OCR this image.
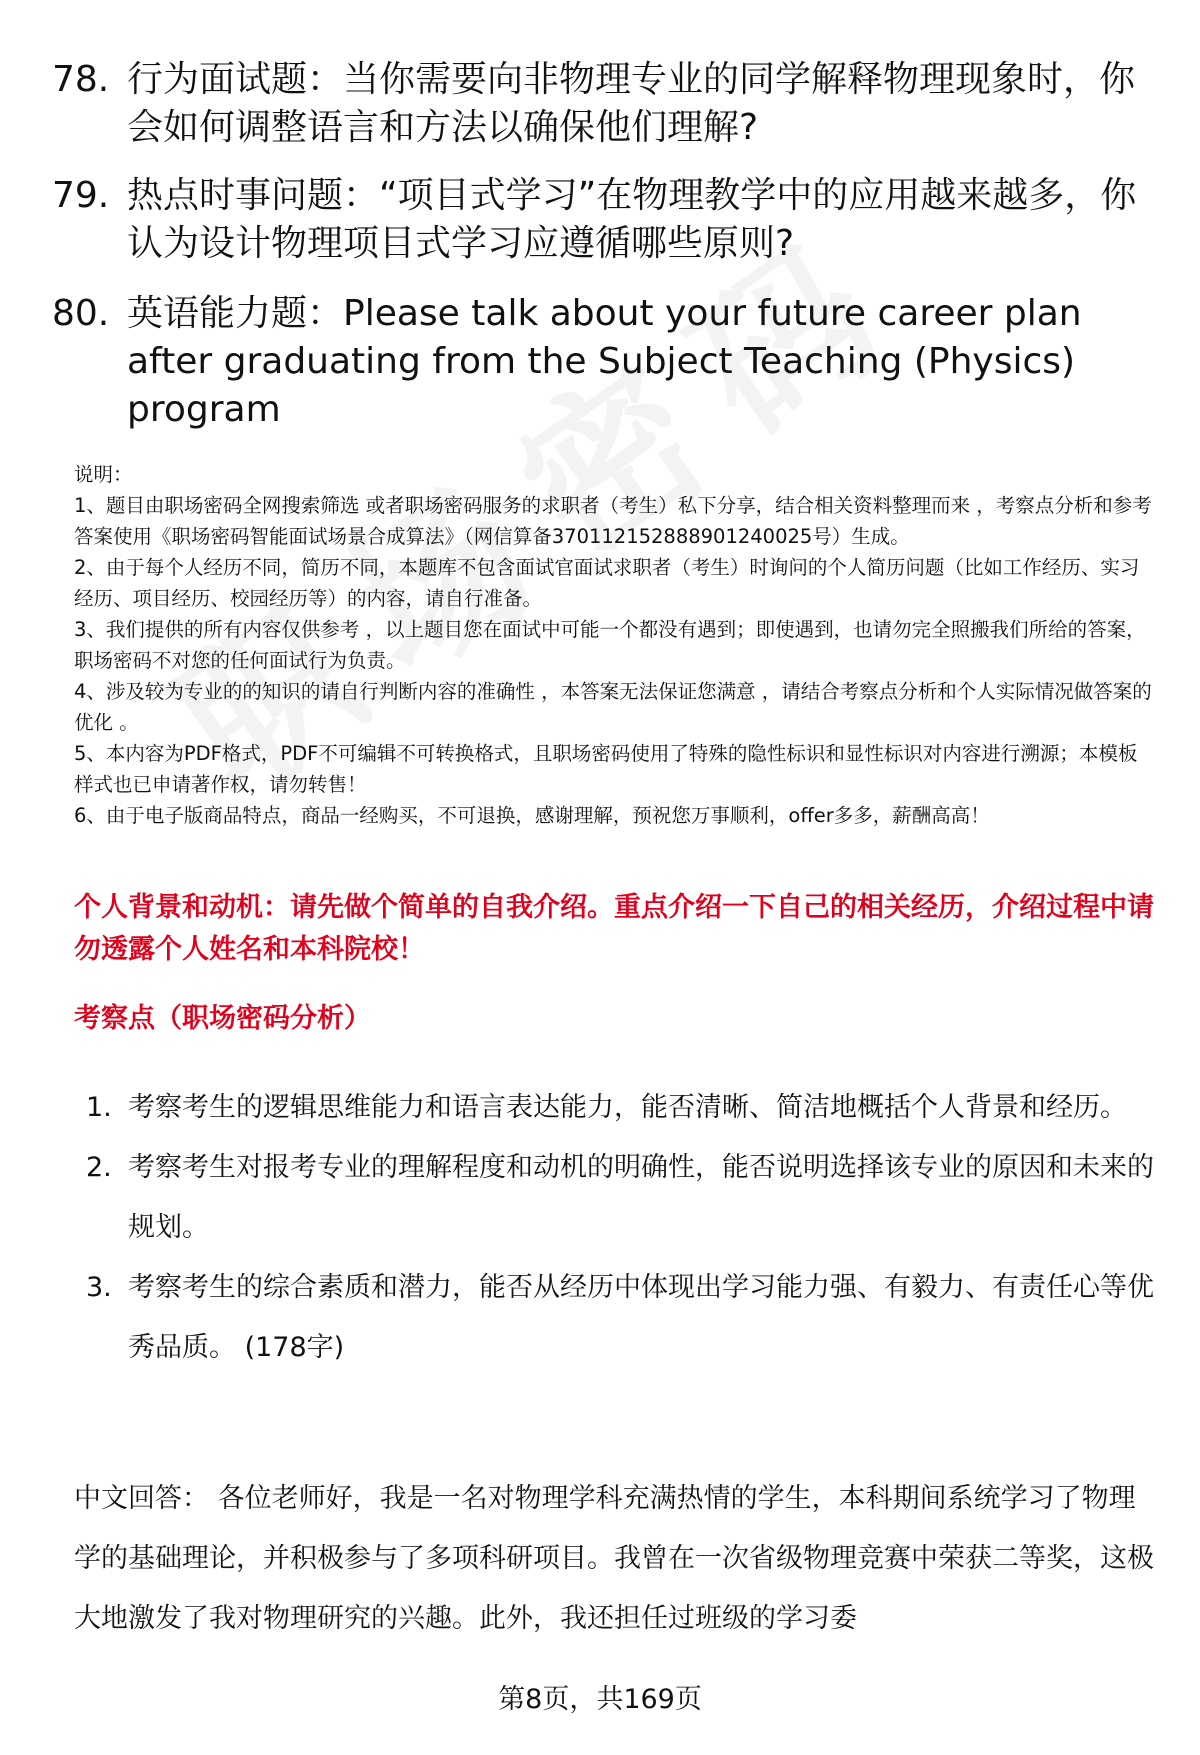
78. 行为面试题：当你需要向非物理专业的同学解释物理现象时，你会如何调整语言和方法以确保他们理解?
79. 热点时事问题：“项目式学习”在物理教学中的应用越来越多，你认为设计物理项目式学习应遵循哪些原则?
80. 英语能力题：Please talk about your future career plan after graduating from the Subject Teaching (Physics) program

说明：

1、题目由职场密码全网搜索筛选 或者职场密码服务的求职者（考生）私下分享，结合相关资料整理而来 ，考察点分析和参考答案使用《职场密码智能面试场景合成算法》（网信算备370112152888901240025号）生成。

2、由于每个人经历不同，简历不同，本题库不包含面试官面试求职者（考生）时询问的个人简历问题（比如工作经历、实习经历、项目经历、校园经历等）的内容，请自行准备。

3、我们提供的所有内容仅供参考 ，以上题目您在面试中可能一个都没有遇到；即使遇到，也请勿完全照搬我们所给的答案，职场密码不对您的任何面试行为负责。

4、涉及较为专业的的知识的请自行判断内容的准确性 ，本答案无法保证您满意 ，请结合考察点分析和个人实际情况做答案的优化 。

5、本内容为PDF格式，PDF不可编辑不可转换格式，且职场密码使用了特殊的隐性标识和显性标识对内容进行溯源；本模板样式也已申请著作权，请勿转售！

6、由于电子版商品特点，商品一经购买，不可退换，感谢理解，预祝您万事顺利，offer多多，薪酬高高！

个人背景和动机：请先做个简单的自我介绍。重点介绍一下自己的相关经历，介绍过程中请勿透露个人姓名和本科院校！
考察点（职场密码分析）
1. 考察考生的逻辑思维能力和语言表达能力，能否清晰、简洁地概括个人背景和经历。
2. 考察考生对报考专业的理解程度和动机的明确性，能否说明选择该专业的原因和未来的规划。
3. 考察考生的综合素质和潜力，能否从经历中体现出学习能力强、有毅力、有责任心等优秀品质。 (178字)
中文回答： 各位老师好，我是一名对物理学科充满热情的学生，本科期间系统学习了物理学的基础理论，并积极参与了多项科研项目。我曾在一次省级物理竞赛中荣获二等奖，这极大地激发了我对物理研究的兴趣。此外，我还担任过班级的学习委
第8页，共169页
